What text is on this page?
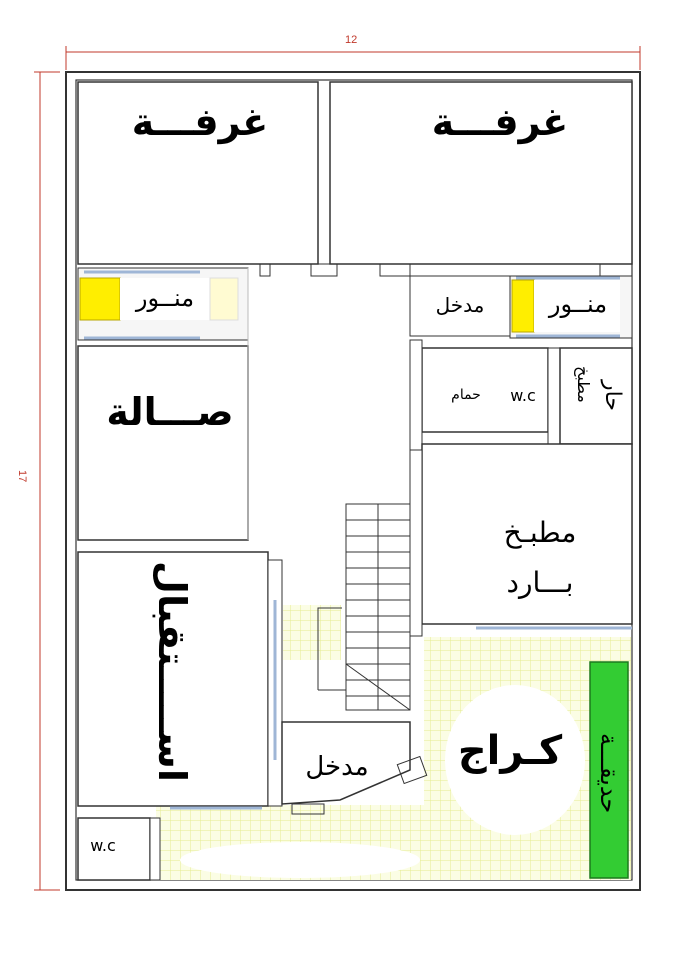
12
17
غرفـــة	غرفـــة
منــور	مدخل	منــور
صـــالة	w.c
حمام	مطبخ حار
مطبـخ
بـــارد
اســـــتقبال	مدخل	كـراج	حديقـــة
w.c
